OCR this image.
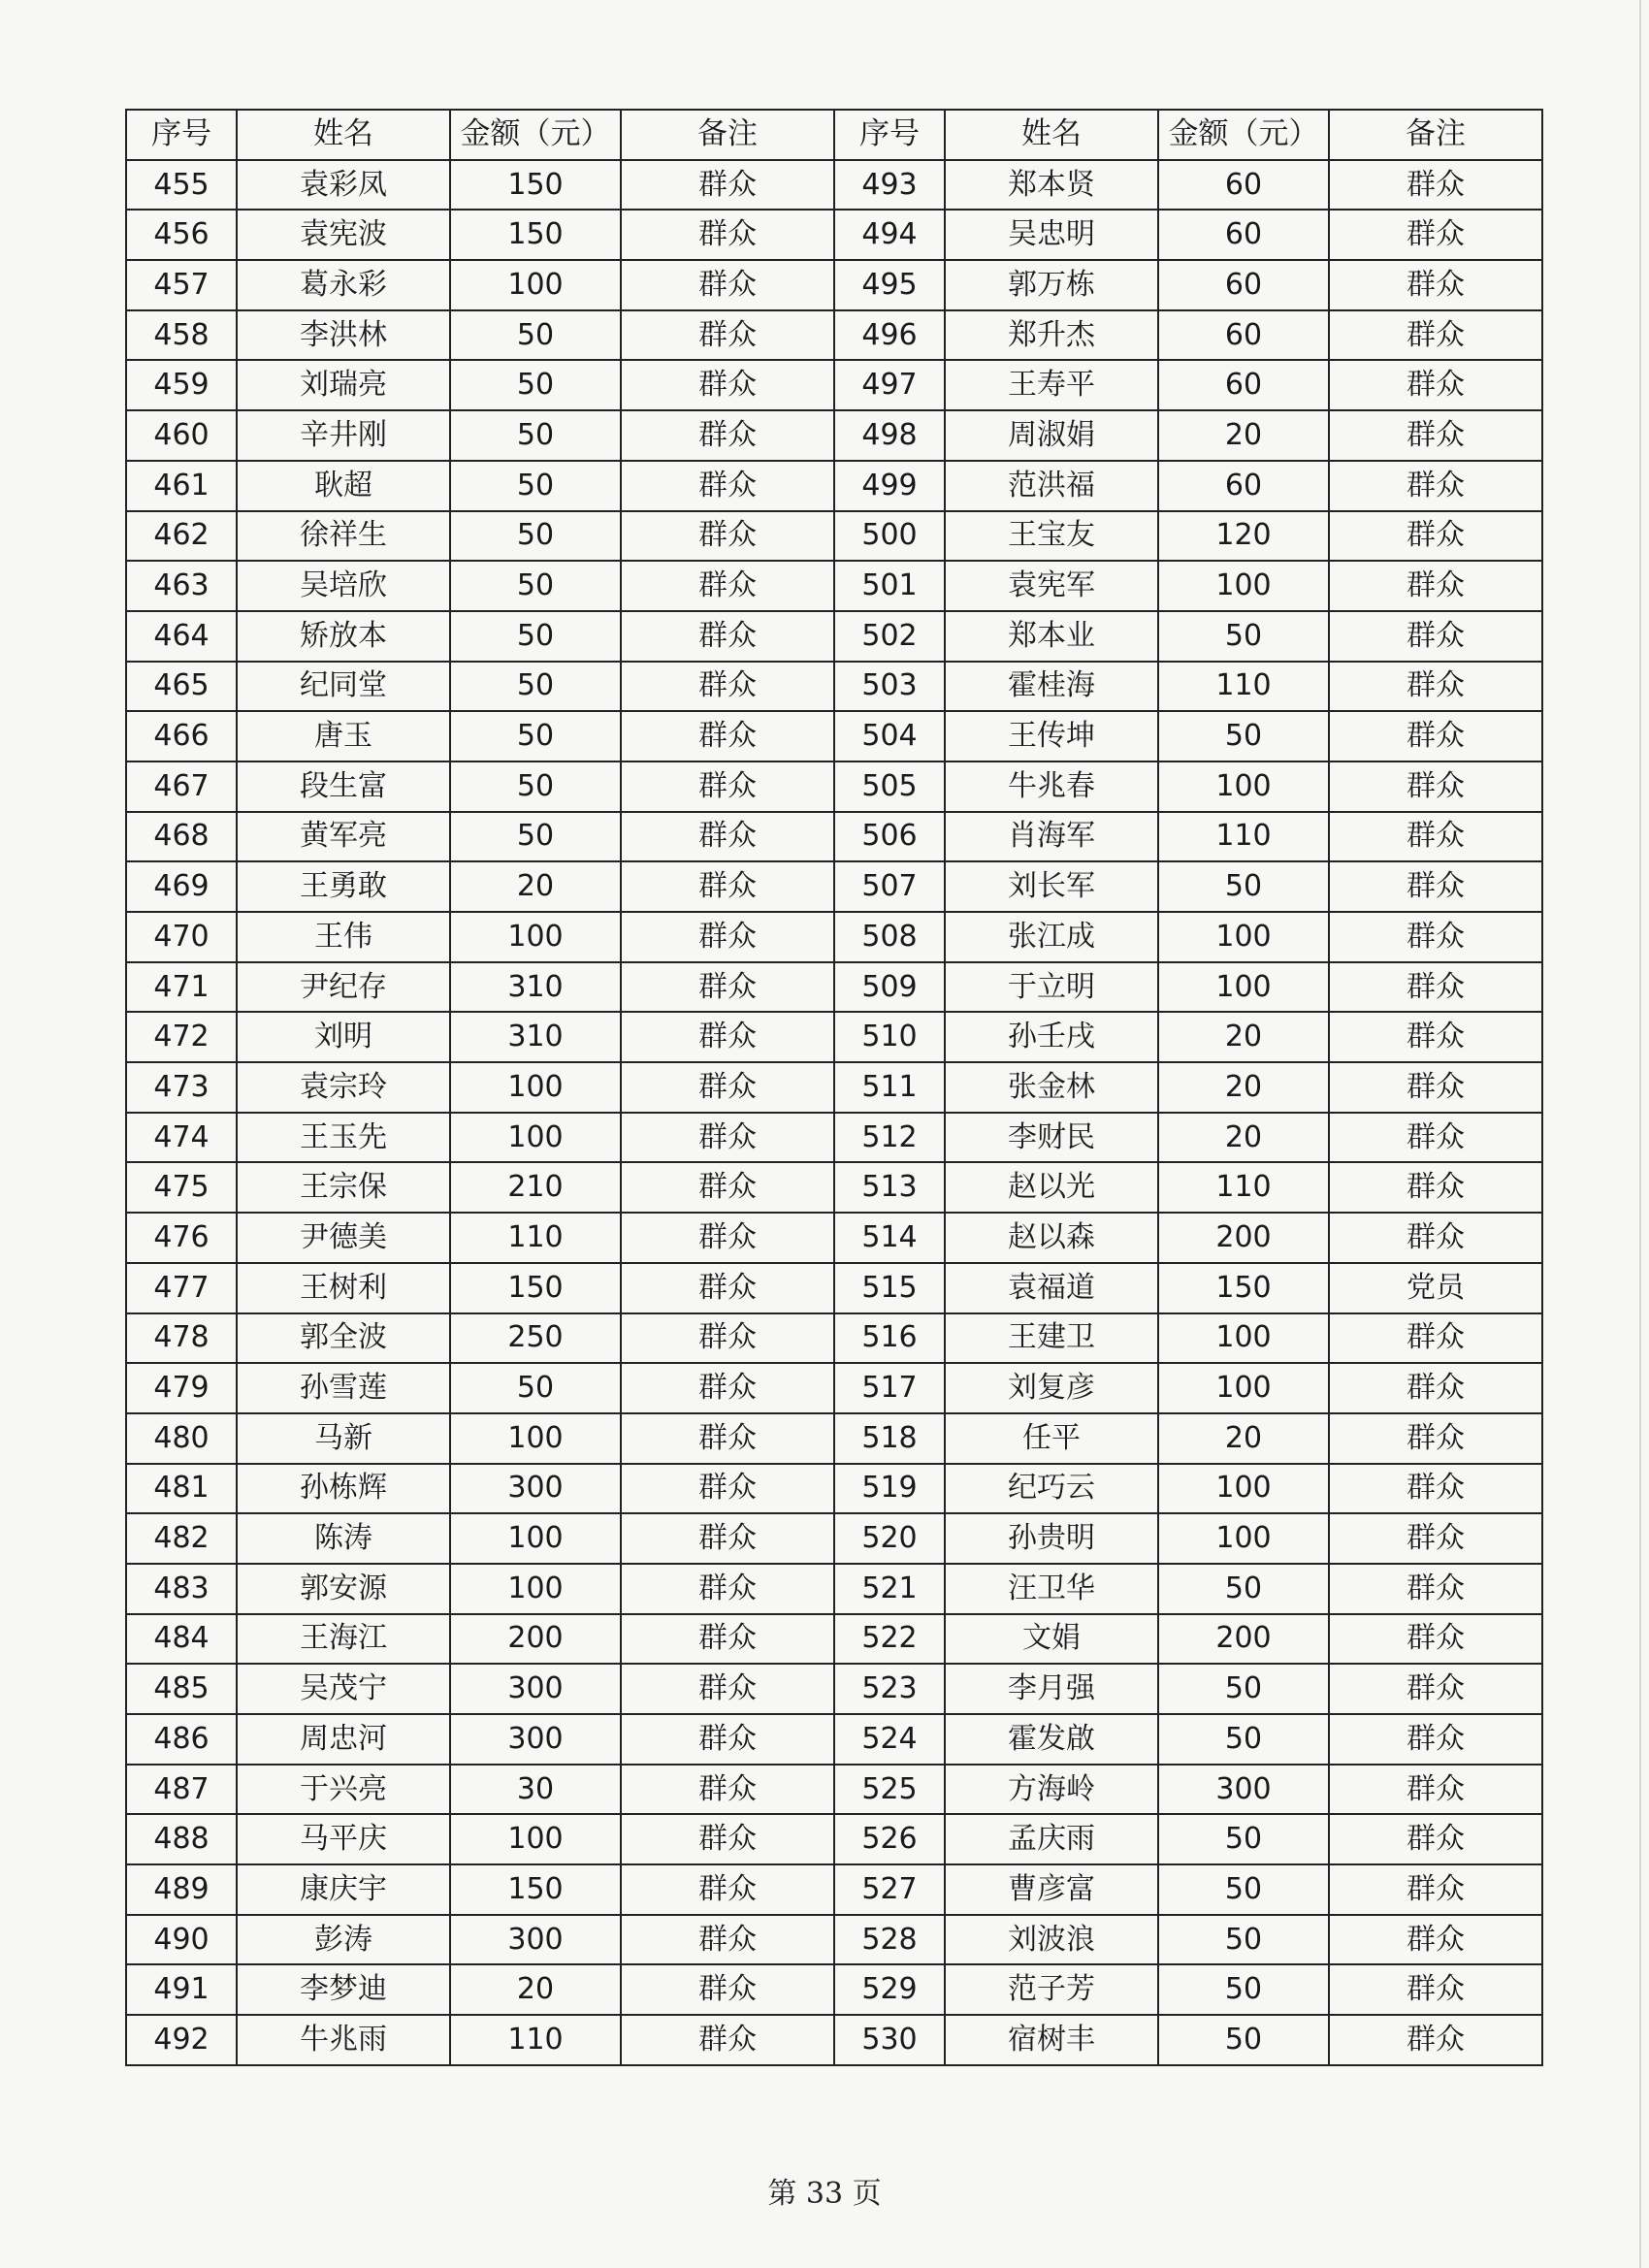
序号	姓名	金额（元）	备注	序号	姓名	金额（元）	备注
455	袁彩凤	150	群众	493	郑本贤	60	群众
456	袁宪波	150	群众	494	吴忠明	60	群众
457	葛永彩	100	群众	495	郭万栋	60	群众
458	李洪林	50	群众	496	郑升杰	60	群众
459	刘瑞亮	50	群众	497	王寿平	60	群众
460	辛井刚	50	群众	498	周淑娟	20	群众
461	耿超	50	群众	499	范洪福	60	群众
462	徐祥生	50	群众	500	王宝友	120	群众
463	吴培欣	50	群众	501	袁宪军	100	群众
464	矫放本	50	群众	502	郑本业	50	群众
465	纪同堂	50	群众	503	霍桂海	110	群众
466	唐玉	50	群众	504	王传坤	50	群众
467	段生富	50	群众	505	牛兆春	100	群众
468	黄军亮	50	群众	506	肖海军	110	群众
469	王勇敢	20	群众	507	刘长军	50	群众
470	王伟	100	群众	508	张江成	100	群众
471	尹纪存	310	群众	509	于立明	100	群众
472	刘明	310	群众	510	孙壬戌	20	群众
473	袁宗玲	100	群众	511	张金林	20	群众
474	王玉先	100	群众	512	李财民	20	群众
475	王宗保	210	群众	513	赵以光	110	群众
476	尹德美	110	群众	514	赵以森	200	群众
477	王树利	150	群众	515	袁福道	150	党员
478	郭全波	250	群众	516	王建卫	100	群众
479	孙雪莲	50	群众	517	刘复彦	100	群众
480	马新	100	群众	518	任平	20	群众
481	孙栋辉	300	群众	519	纪巧云	100	群众
482	陈涛	100	群众	520	孙贵明	100	群众
483	郭安源	100	群众	521	汪卫华	50	群众
484	王海江	200	群众	522	文娟	200	群众
485	吴茂宁	300	群众	523	李月强	50	群众
486	周忠河	300	群众	524	霍发啟	50	群众
487	于兴亮	30	群众	525	方海岭	300	群众
488	马平庆	100	群众	526	孟庆雨	50	群众
489	康庆宇	150	群众	527	曹彦富	50	群众
490	彭涛	300	群众	528	刘波浪	50	群众
491	李梦迪	20	群众	529	范子芳	50	群众
492	牛兆雨	110	群众	530	宿树丰	50	群众
第 33 页
